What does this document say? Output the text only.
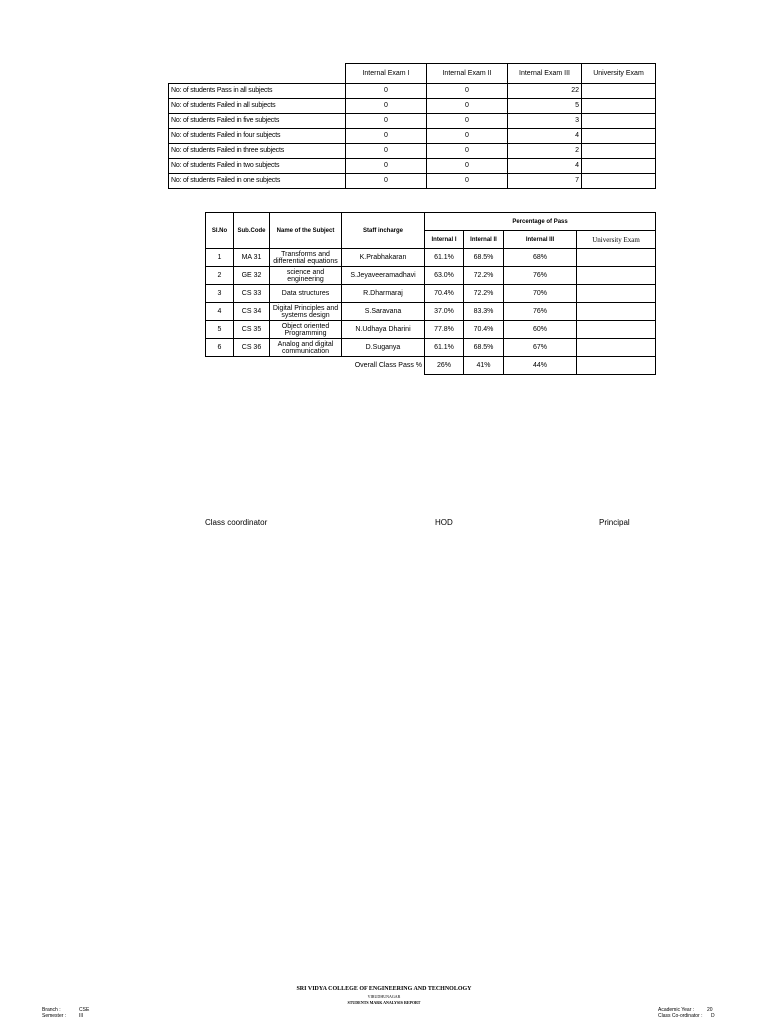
	Internal Exam I	Internal Exam II	Internal Exam III	University Exam
No: of students Pass in all subjects	0	0	22	
No: of students Failed in all subjects	0	0	5	
No: of students Failed in five subjects	0	0	3	
No: of students Failed in four subjects	0	0	4	
No: of students Failed in three subjects	0	0	2	
No: of students Failed in two subjects	0	0	4	
No: of students Failed in one subjects	0	0	7	
Sl.No	Sub.Code	Name of the Subject	Staff incharge	Percentage of Pass			
				Internal I	Internal II	Internal III	University Exam
1	MA 31	Transforms and differential equations	K.Prabhakaran	61.1%	68.5%	68%	
2	GE 32	science and engineering	S.Jeyaveeramadhavi	63.0%	72.2%	76%	
3	CS 33	Data structures	R.Dharmaraj	70.4%	72.2%	70%	
4	CS 34	Digital Principles and systems design	S.Saravana	37.0%	83.3%	76%	
5	CS 35	Object oriented Programming	N.Udhaya Dharini	77.8%	70.4%	60%	
6	CS 36	Analog and digital communication	D.Suganya	61.1%	68.5%	67%	
Overall Class Pass %				26%	41%	44%	
Class coordinator	HOD	Principal
SRI VIDYA COLLEGE OF ENGINEERING AND TECHNOLOGY
VIRUDHUNAGAR
STUDENTS MARK ANALYSIS REPORT
Branch :	CSE
Semester :	III
Academic Year :	20
Class Co-ordinator : D
